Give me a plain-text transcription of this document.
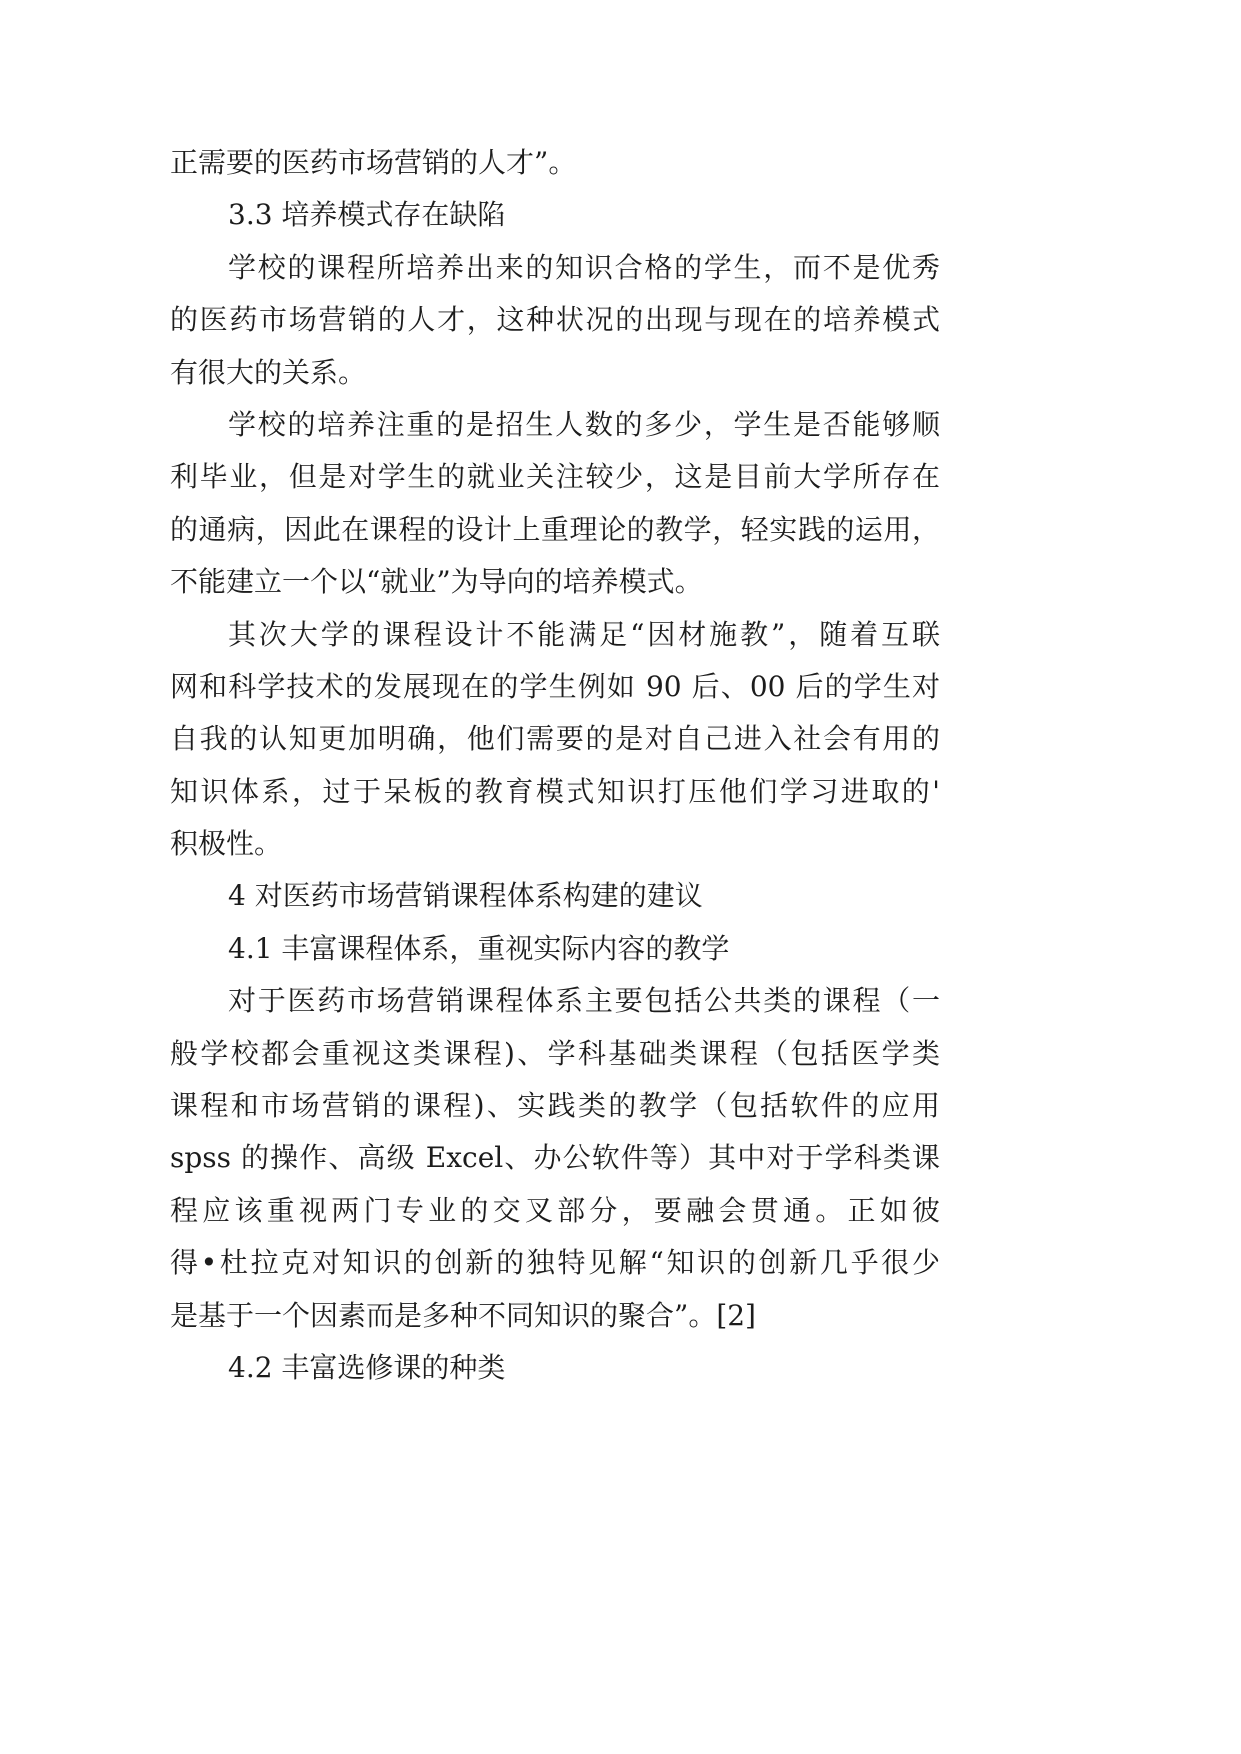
正需要的医药市场营销的人才”。
3.3 培养模式存在缺陷
学校的课程所培养出来的知识合格的学生，而不是优秀
的医药市场营销的人才，这种状况的出现与现在的培养模式
有很大的关系。
学校的培养注重的是招生人数的多少，学生是否能够顺
利毕业，但是对学生的就业关注较少，这是目前大学所存在
的通病，因此在课程的设计上重理论的教学，轻实践的运用，
不能建立一个以“就业”为导向的培养模式。
其次大学的课程设计不能满足“因材施教”，随着互联
网和科学技术的发展现在的学生例如 90 后、00 后的学生对
自我的认知更加明确，他们需要的是对自己进入社会有用的
知识体系，过于呆板的教育模式知识打压他们学习进取的'
积极性。
4 对医药市场营销课程体系构建的建议
4.1 丰富课程体系，重视实际内容的教学
对于医药市场营销课程体系主要包括公共类的课程（一
般学校都会重视这类课程)、学科基础类课程（包括医学类
课程和市场营销的课程)、实践类的教学（包括软件的应用
spss 的操作、高级 Excel、办公软件等）其中对于学科类课
程应该重视两门专业的交叉部分，要融会贯通。正如彼
得•杜拉克对知识的创新的独特见解“知识的创新几乎很少
是基于一个因素而是多种不同知识的聚合”。[2]
4.2 丰富选修课的种类
